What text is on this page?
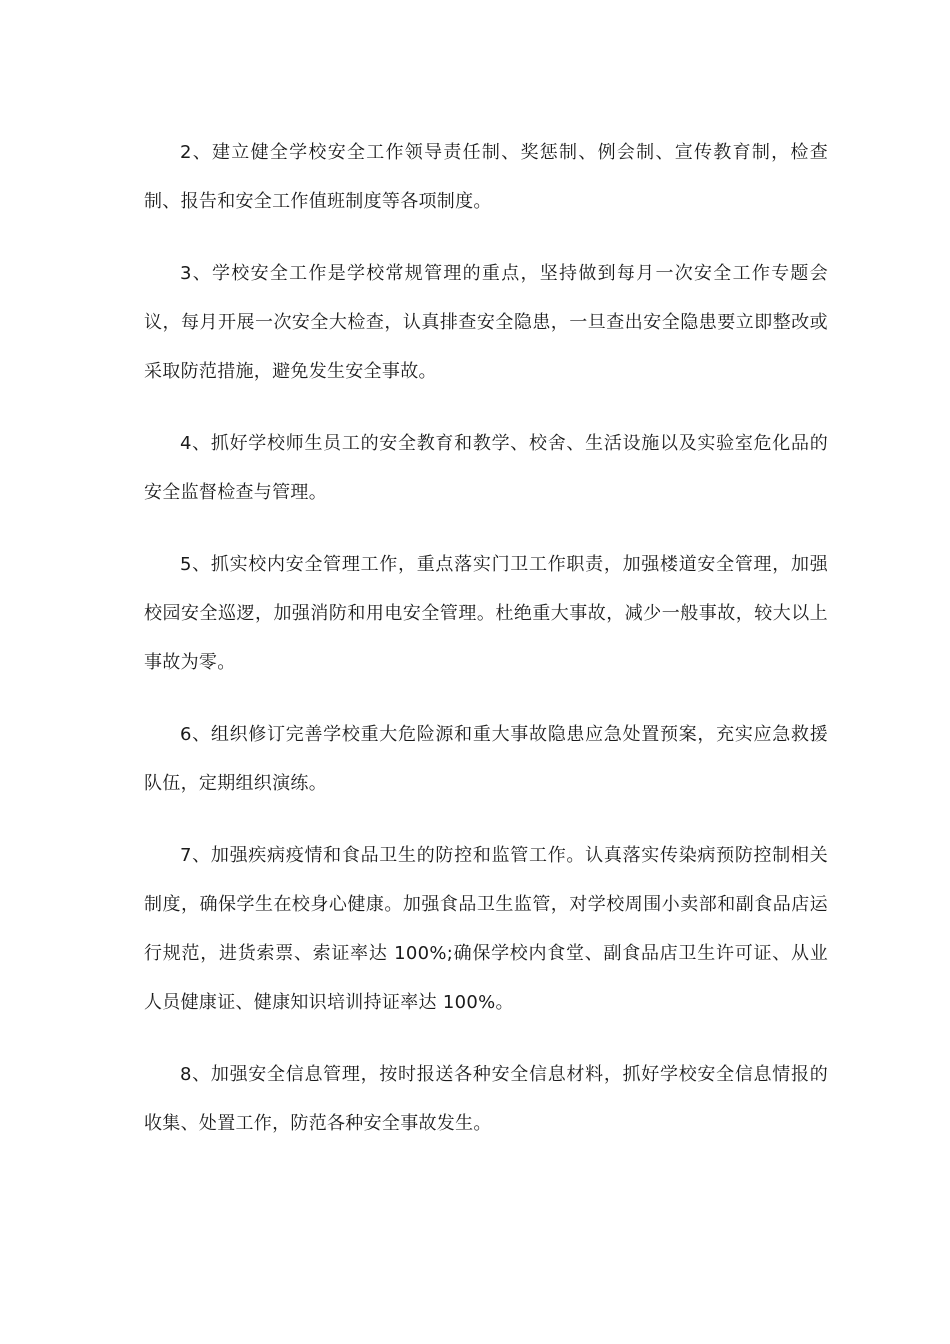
2、建立健全学校安全工作领导责任制、奖惩制、例会制、宣传教育制，检查制、报告和安全工作值班制度等各项制度。

3、学校安全工作是学校常规管理的重点，坚持做到每月一次安全工作专题会议，每月开展一次安全大检查，认真排查安全隐患，一旦查出安全隐患要立即整改或采取防范措施，避免发生安全事故。

4、抓好学校师生员工的安全教育和教学、校舍、生活设施以及实验室危化品的安全监督检查与管理。

5、抓实校内安全管理工作，重点落实门卫工作职责，加强楼道安全管理，加强校园安全巡逻，加强消防和用电安全管理。杜绝重大事故，减少一般事故，较大以上事故为零。

6、组织修订完善学校重大危险源和重大事故隐患应急处置预案，充实应急救援队伍，定期组织演练。

7、加强疾病疫情和食品卫生的防控和监管工作。认真落实传染病预防控制相关制度，确保学生在校身心健康。加强食品卫生监管，对学校周围小卖部和副食品店运行规范，进货索票、索证率达 100%;确保学校内食堂、副食品店卫生许可证、从业人员健康证、健康知识培训持证率达 100%。

8、加强安全信息管理，按时报送各种安全信息材料，抓好学校安全信息情报的收集、处置工作，防范各种安全事故发生。
